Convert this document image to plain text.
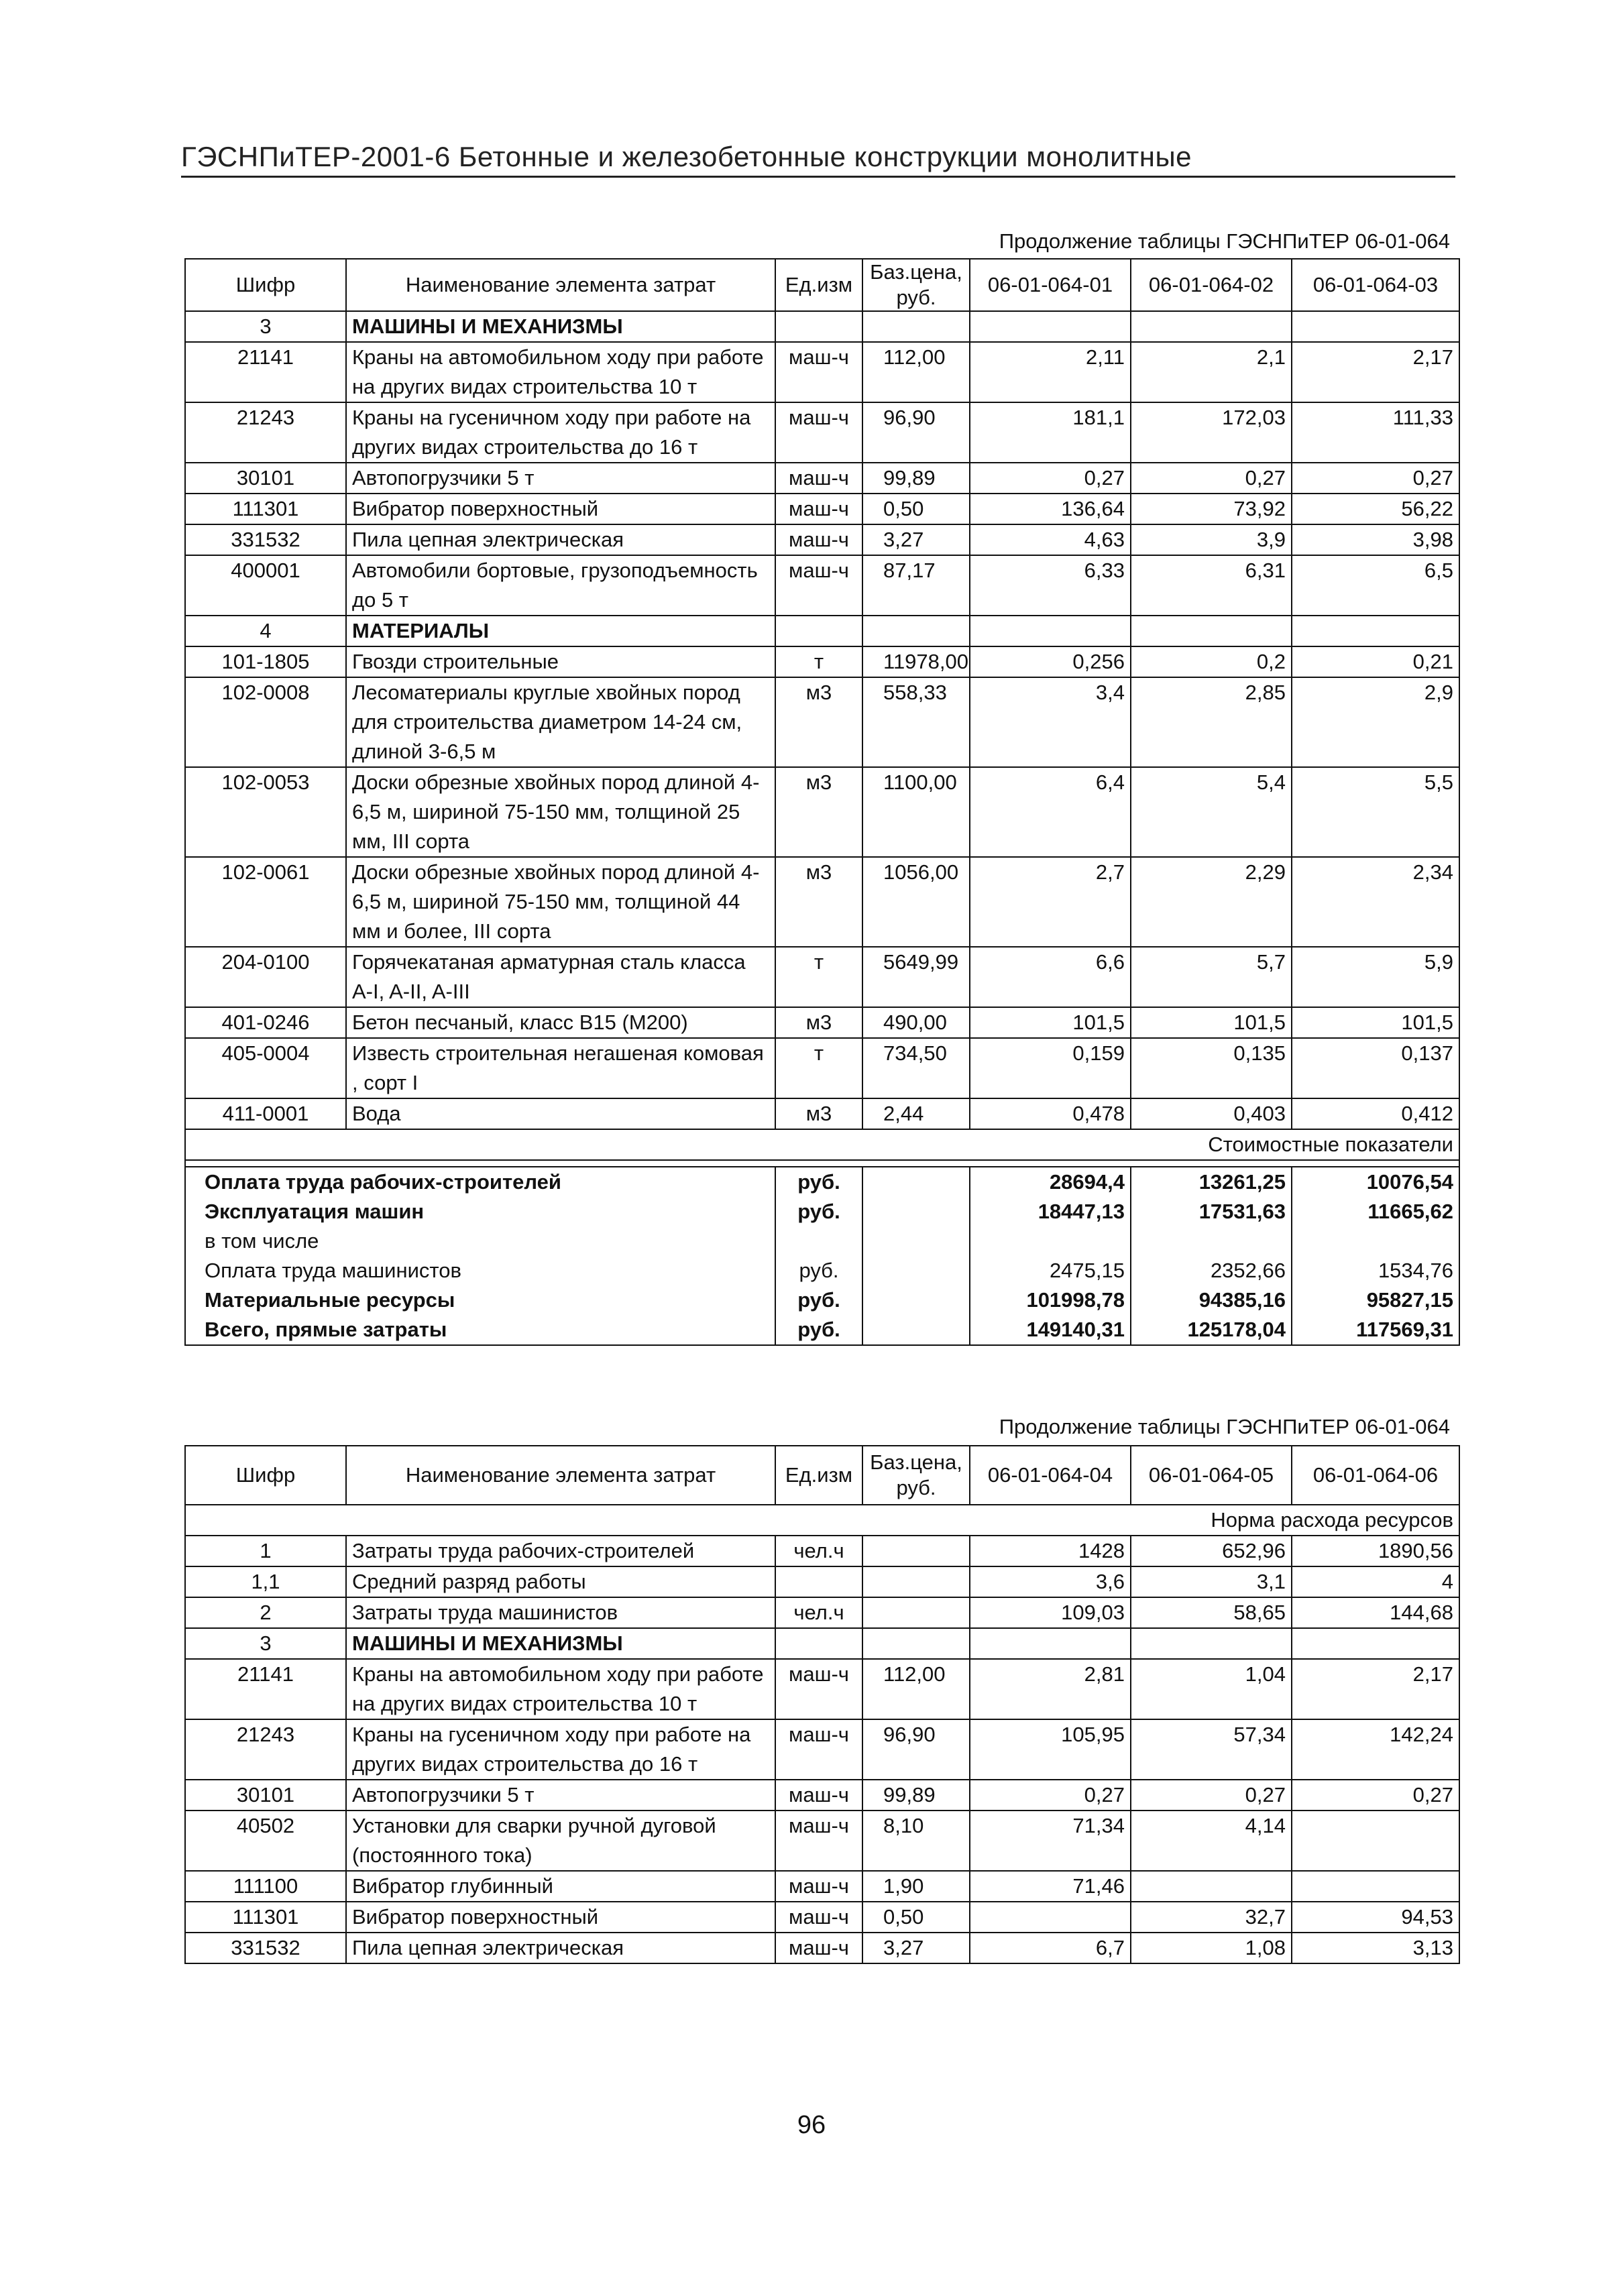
ГЭСНПиТЕР-2001-6 Бетонные и железобетонные конструкции монолитные
Продолжение таблицы ГЭСНПиТЕР 06-01-064
Шифр	Наименование элемента затрат	Ед.изм	Баз.цена, руб.	06-01-064-01	06-01-064-02	06-01-064-03
3	МАШИНЫ И МЕХАНИЗМЫ					
21141	Краны на автомобильном ходу при работе на других видах строительства 10 т	маш-ч	112,00	2,11	2,1	2,17
21243	Краны на гусеничном ходу при работе на других видах строительства до 16 т	маш-ч	96,90	181,1	172,03	111,33
30101	Автопогрузчики 5 т	маш-ч	99,89	0,27	0,27	0,27
111301	Вибратор поверхностный	маш-ч	0,50	136,64	73,92	56,22
331532	Пила цепная электрическая	маш-ч	3,27	4,63	3,9	3,98
400001	Автомобили бортовые, грузоподъемность до 5 т	маш-ч	87,17	6,33	6,31	6,5
4	МАТЕРИАЛЫ					
101-1805	Гвозди строительные	т	11978,00	0,256	0,2	0,21
102-0008	Лесоматериалы круглые хвойных пород для строительства диаметром 14-24 см, длиной 3-6,5 м	м3	558,33	3,4	2,85	2,9
102-0053	Доски обрезные хвойных пород длиной 4-6,5 м, шириной 75-150 мм, толщиной 25 мм, III сорта	м3	1100,00	6,4	5,4	5,5
102-0061	Доски обрезные хвойных пород длиной 4-6,5 м, шириной 75-150 мм, толщиной 44 мм и более, III сорта	м3	1056,00	2,7	2,29	2,34
204-0100	Горячекатаная арматурная сталь класса A-I, A-II, A-III	т	5649,99	6,6	5,7	5,9
401-0246	Бетон песчаный, класс В15 (М200)	м3	490,00	101,5	101,5	101,5
405-0004	Известь строительная негашеная комовая , сорт I	т	734,50	0,159	0,135	0,137
411-0001	Вода	м3	2,44	0,478	0,403	0,412
Стоимостные показатели						

Оплата труда рабочих-строителей		руб.		28694,4	13261,25	10076,54
Эксплуатация машин		руб.		18447,13	17531,63	11665,62
в том числе						
Оплата труда машинистов		руб.		2475,15	2352,66	1534,76
Материальные ресурсы		руб.		101998,78	94385,16	95827,15
Всего, прямые затраты		руб.		149140,31	125178,04	117569,31
Продолжение таблицы ГЭСНПиТЕР 06-01-064
Шифр	Наименование элемента затрат	Ед.изм	Баз.цена, руб.	06-01-064-04	06-01-064-05	06-01-064-06
Норма расхода ресурсов						
1	Затраты труда рабочих-строителей	чел.ч		1428	652,96	1890,56
1,1	Средний разряд работы			3,6	3,1	4
2	Затраты труда машинистов	чел.ч		109,03	58,65	144,68
3	МАШИНЫ И МЕХАНИЗМЫ					
21141	Краны на автомобильном ходу при работе на других видах строительства 10 т	маш-ч	112,00	2,81	1,04	2,17
21243	Краны на гусеничном ходу при работе на других видах строительства до 16 т	маш-ч	96,90	105,95	57,34	142,24
30101	Автопогрузчики 5 т	маш-ч	99,89	0,27	0,27	0,27
40502	Установки для сварки ручной дуговой (постоянного тока)	маш-ч	8,10	71,34	4,14	
111100	Вибратор глубинный	маш-ч	1,90	71,46		
111301	Вибратор поверхностный	маш-ч	0,50		32,7	94,53
331532	Пила цепная электрическая	маш-ч	3,27	6,7	1,08	3,13
96
